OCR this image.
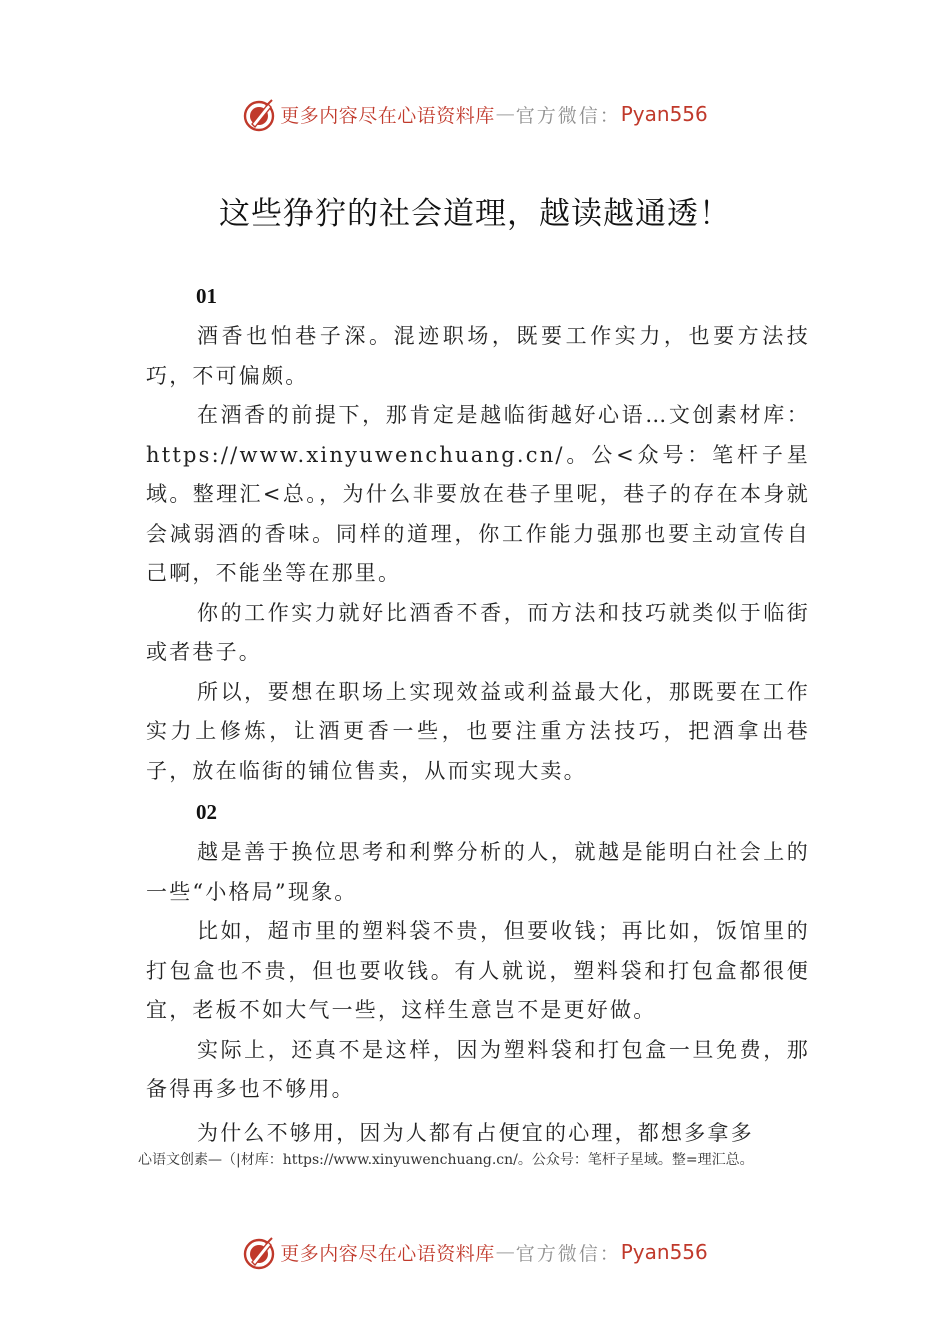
更多内容尽在心语资料库 — 官方微信： Pyan556
这些狰狞的社会道理，越读越通透！
01

酒香也怕巷子深。混迹职场，既要工作实力，也要方法技巧，不可偏颇。

在酒香的前提下，那肯定是越临街越好心语…文创素材库：https://www.xinyuwenchuang.cn/。公<众号：笔杆子星域。整理汇<总。，为什么非要放在巷子里呢，巷子的存在本身就会减弱酒的香味。同样的道理，你工作能力强那也要主动宣传自己啊，不能坐等在那里。

你的工作实力就好比酒香不香，而方法和技巧就类似于临街或者巷子。

所以，要想在职场上实现效益或利益最大化，那既要在工作实力上修炼，让酒更香一些，也要注重方法技巧，把酒拿出巷子，放在临街的铺位售卖，从而实现大卖。

02

越是善于换位思考和利弊分析的人，就越是能明白社会上的一些“小格局”现象。

比如，超市里的塑料袋不贵，但要收钱；再比如，饭馆里的打包盒也不贵，但也要收钱。有人就说，塑料袋和打包盒都很便宜，老板不如大气一些，这样生意岂不是更好做。

实际上，还真不是这样，因为塑料袋和打包盒一旦免费，那备得再多也不够用。

为什么不够用，因为人都有占便宜的心理，都想多拿多

心语文创素—（|材库：https://www.xinyuwenchuang.cn/。公众号：笔杆子星域。整=理汇总。

更多内容尽在心语资料库 — 官方微信： Pyan556
